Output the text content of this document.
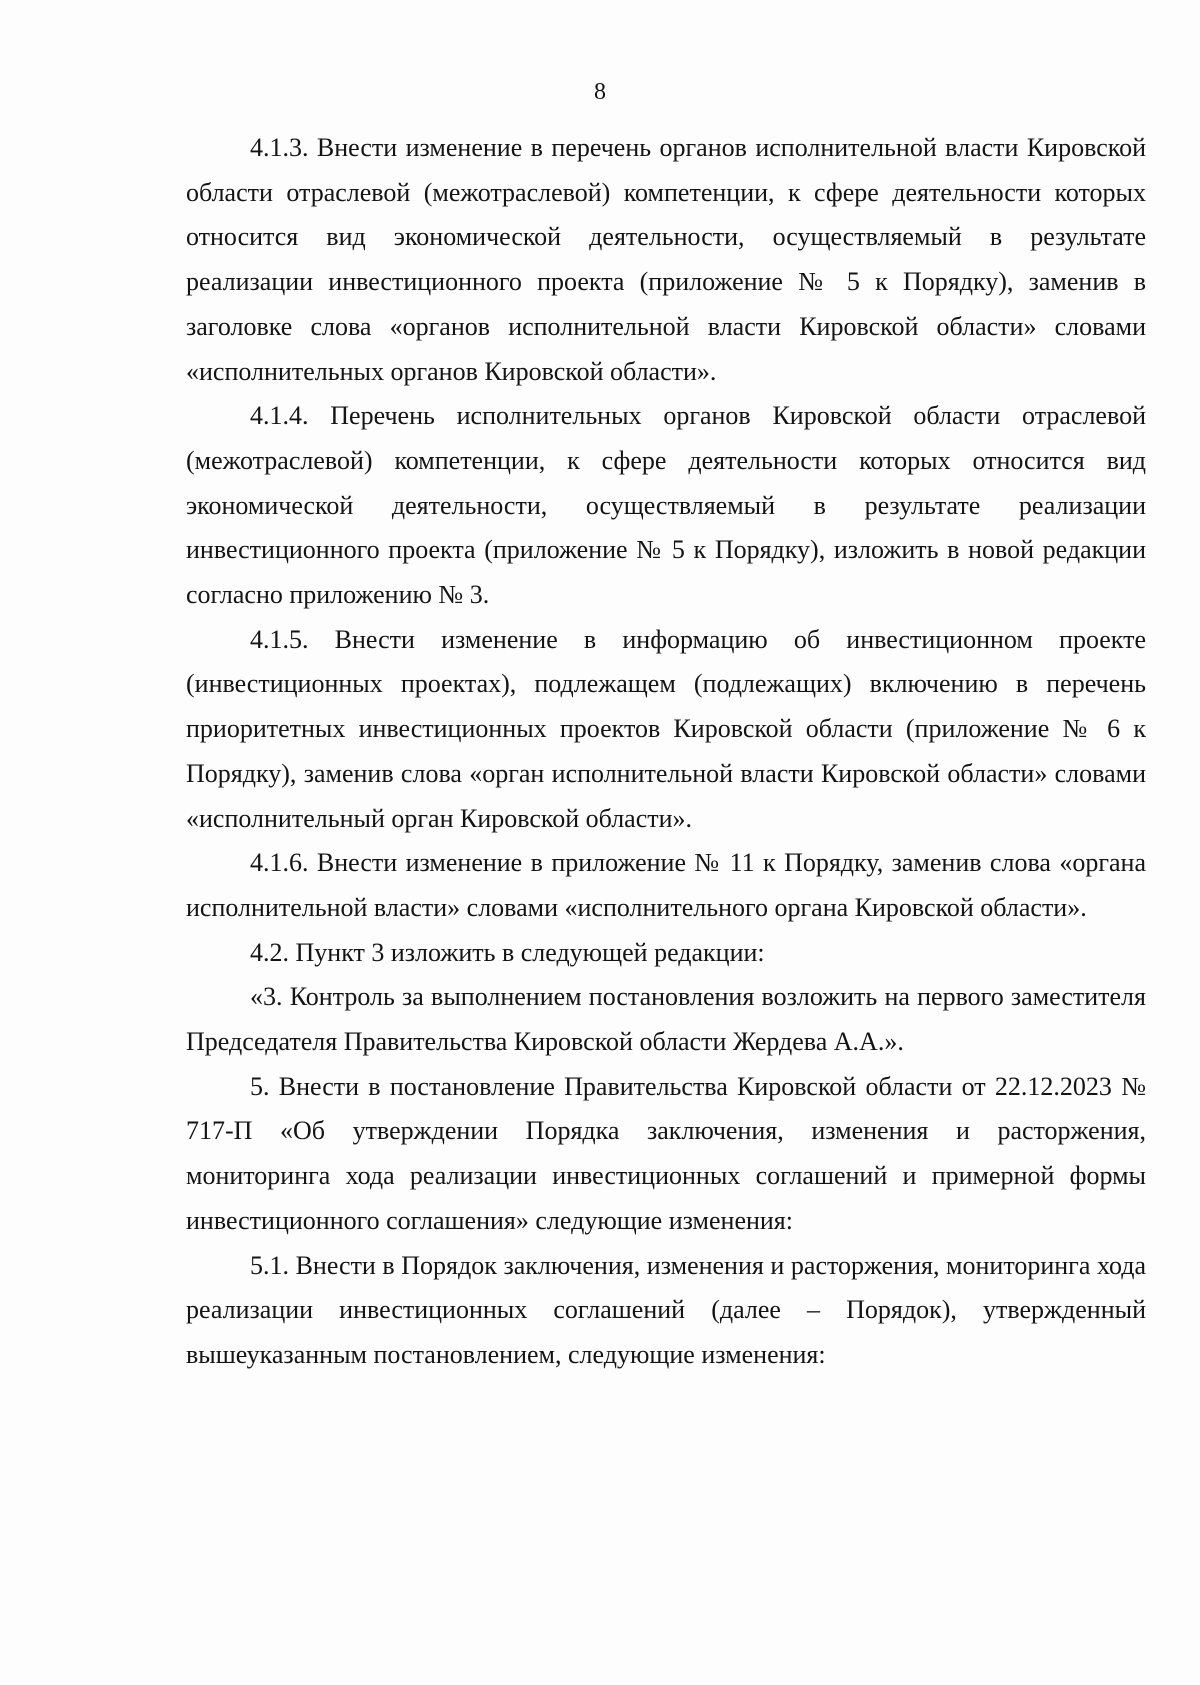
8

4.1.3. Внести изменение в перечень органов исполнительной власти Кировской области отраслевой (межотраслевой) компетенции, к сфере деятельности которых относится вид экономической деятельности, осуществляемый в результате реализации инвестиционного проекта (приложение № 5 к Порядку), заменив в заголовке слова «органов исполнительной власти Кировской области» словами «исполнительных органов Кировской области».

4.1.4. Перечень исполнительных органов Кировской области отраслевой (межотраслевой) компетенции, к сфере деятельности которых относится вид экономической деятельности, осуществляемый в результате реализации инвестиционного проекта (приложение № 5 к Порядку), изложить в новой редакции согласно приложению № 3.

4.1.5. Внести изменение в информацию об инвестиционном проекте (инвестиционных проектах), подлежащем (подлежащих) включению в перечень приоритетных инвестиционных проектов Кировской области (приложение № 6 к Порядку), заменив слова «орган исполнительной власти Кировской области» словами «исполнительный орган Кировской области».

4.1.6. Внести изменение в приложение № 11 к Порядку, заменив слова «органа исполнительной власти» словами «исполнительного органа Кировской области».

4.2. Пункт 3 изложить в следующей редакции:

«3. Контроль за выполнением постановления возложить на первого заместителя Председателя Правительства Кировской области Жердева А.А.».

5. Внести в постановление Правительства Кировской области от 22.12.2023 № 717-П «Об утверждении Порядка заключения, изменения и расторжения, мониторинга хода реализации инвестиционных соглашений и примерной формы инвестиционного соглашения» следующие изменения:

5.1. Внести в Порядок заключения, изменения и расторжения, мониторинга хода реализации инвестиционных соглашений (далее – Порядок), утвержденный вышеуказанным постановлением, следующие изменения:
